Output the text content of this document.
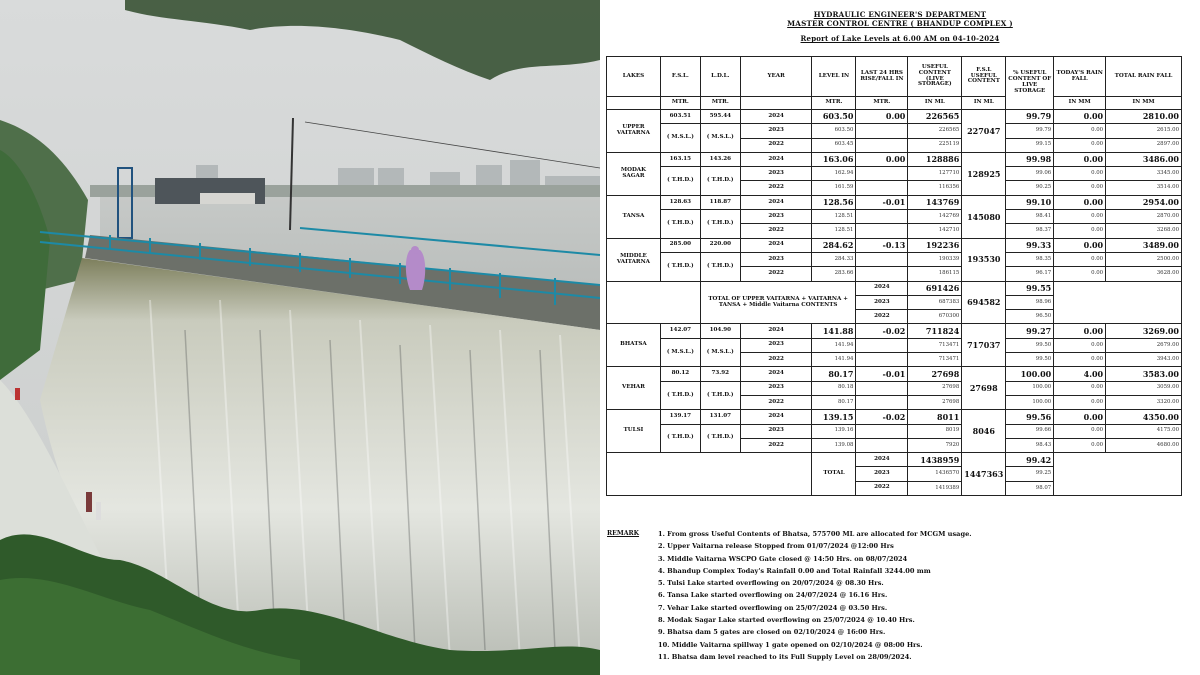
HYDRAULIC ENGINEER'S DEPARTMENT
MASTER CONTROL CENTRE ( BHANDUP COMPLEX )
Report of Lake Levels at 6.00 AM on 04-10-2024
LAKES	F.S.L.	L.D.L.	YEAR	LEVEL IN	LAST 24 HRS RISE/FALL IN	USEFUL CONTENT (LIVE STORAGE)	F.S.L USEFUL CONTENT	% USEFUL CONTENT OF LIVE STORAGE	TODAY'S RAIN FALL	TOTAL RAIN FALL
	MTR.	MTR.		MTR.	MTR.	IN ML	IN ML		IN MM	IN MM

UPPER
VAITARNA	603.51	595.44	2024	603.50	0.00	226565	227047	99.79	0.00	2810.00
	( M.S.L.)	( M.S.L.)	2023	603.50		226565		99.79	0.00	2615.00
			2022	603.45		225119		99.15	0.00	2897.00

MODAK
SAGAR	163.15	143.26	2024	163.06	0.00	128886	128925	99.98	0.00	3486.00
	( T.H.D.)	( T.H.D.)	2023	162.94		127710		99.06	0.00	3345.00
			2022	161.59		116356		90.25	0.00	3514.00

TANSA	128.63	118.87	2024	128.56	-0.01	143769	145080	99.10	0.00	2954.00
	( T.H.D.)	( T.H.D.)	2023	128.51		142769		98.41	0.00	2870.00
			2022	128.51		142710		98.37	0.00	3268.00

MIDDLE
VAITARNA	285.00	220.00	2024	284.62	-0.13	192236	193530	99.33	0.00	3489.00
	( T.H.D.)	( T.H.D.)	2023	284.33		190339		98.35	0.00	2500.00
			2022	283.66		186115		96.17	0.00	3628.00
		TOTAL OF UPPER VAITARNA + VAITARNA + TANSA + Middle Vaitarna CONTENTS			2024	691426	694582	99.55		
					2023	687383		98.96		
					2022	670300		96.50		

BHATSA	142.07	104.90	2024	141.88	-0.02	711824	717037	99.27	0.00	3269.00
	( M.S.L.)	( M.S.L.)	2023	141.94		713471		99.50	0.00	2679.00
			2022	141.94		713471		99.50	0.00	3943.00

VEHAR	80.12	73.92	2024	80.17	-0.01	27698	27698	100.00	4.00	3583.00
	( T.H.D.)	( T.H.D.)	2023	80.18		27698		100.00	0.00	3059.00
			2022	80.17		27698		100.00	0.00	3320.00

TULSI	139.17	131.07	2024	139.15	-0.02	8011	8046	99.56	0.00	4350.00
	( T.H.D.)	( T.H.D.)	2023	139.16		8019		99.66	0.00	4175.00
			2022	139.08		7920		98.43	0.00	4680.00
				TOTAL	2024	1438959	1447363	99.42		
					2023	1436570		99.25		
					2022	1419389		98.07		
REMARK	1. From gross Useful Contents of Bhatsa, 575700 ML are allocated for MCGM usage.
2. Upper Vaitarna release Stopped from 01/07/2024 @12:00 Hrs
3. Middle Vaitarna WSCPO Gate closed @ 14:50 Hrs. on 08/07/2024
4. Bhandup Complex Today's Rainfall 0.00 and Total Rainfall 3244.00 mm
5. Tulsi Lake started overflowing on 20/07/2024 @ 08.30 Hrs.
6. Tansa Lake started overflowing on 24/07/2024 @ 16.16 Hrs.
7. Vehar Lake started overflowing on 25/07/2024 @ 03.50 Hrs.
8. Modak Sagar Lake started overflowing on 25/07/2024 @ 10.40 Hrs.
9. Bhatsa dam 5 gates are closed on 02/10/2024 @ 16:00 Hrs.
10. Middle Vaitarna spillway 1 gate opened on 02/10/2024 @ 08:00 Hrs.
11. Bhatsa dam level reached to its Full Supply Level on 28/09/2024.
